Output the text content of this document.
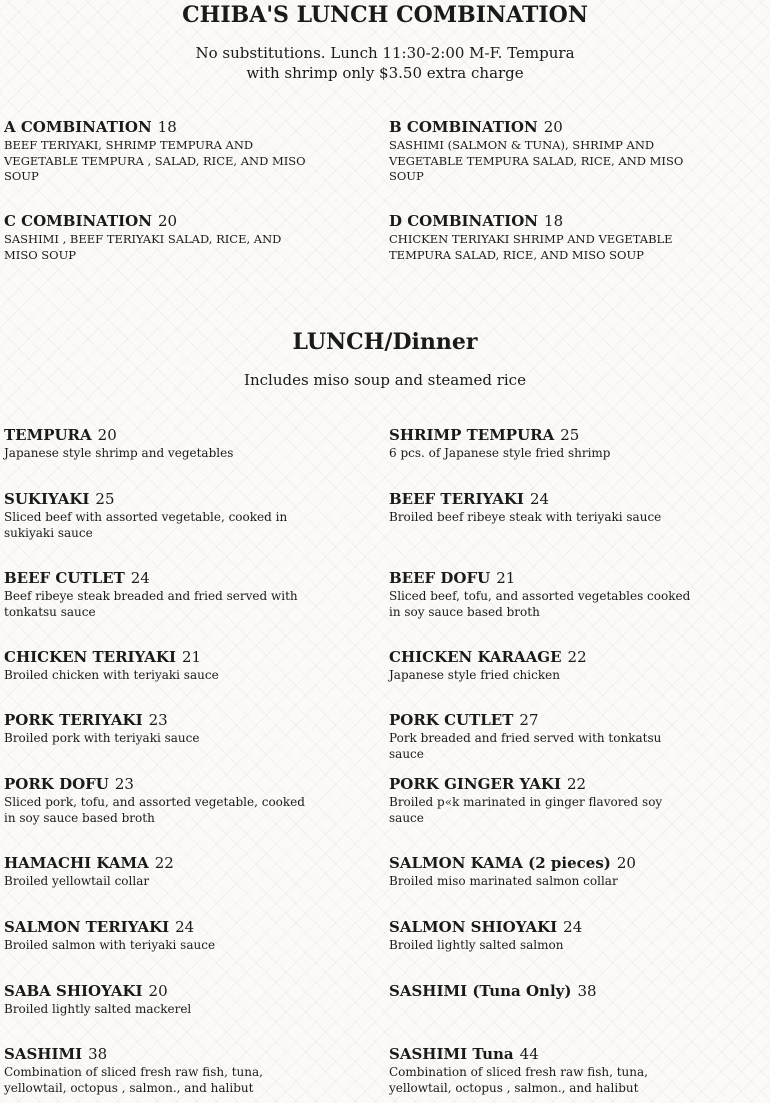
CHIBA'S LUNCH COMBINATION

No substitutions. Lunch 11:30-2:00 M-F. Tempura with shrimp only $3.50 extra charge

A COMBINATION 18
BEEF TERIYAKI, SHRIMP TEMPURA AND VEGETABLE TEMPURA , SALAD, RICE, AND MISO SOUP
B COMBINATION 20
SASHIMI (SALMON & TUNA), SHRIMP AND VEGETABLE TEMPURA SALAD, RICE, AND MISO SOUP
C COMBINATION 20
SASHIMI , BEEF TERIYAKI SALAD, RICE, AND MISO SOUP
D COMBINATION 18
CHICKEN TERIYAKI SHRIMP AND VEGETABLE TEMPURA SALAD, RICE, AND MISO SOUP
LUNCH/Dinner

Includes miso soup and steamed rice

TEMPURA 20
Japanese style shrimp and vegetables
SHRIMP TEMPURA 25
6 pcs. of Japanese style fried shrimp
SUKIYAKI 25
Sliced beef with assorted vegetable, cooked in sukiyaki sauce
BEEF TERIYAKI 24
Broiled beef ribeye steak with teriyaki sauce
BEEF CUTLET 24
Beef ribeye steak breaded and fried served with tonkatsu sauce
BEEF DOFU 21
Sliced beef, tofu, and assorted vegetables cooked in soy sauce based broth
CHICKEN TERIYAKI 21
Broiled chicken with teriyaki sauce
CHICKEN KARAAGE 22
Japanese style fried chicken
PORK TERIYAKI 23
Broiled pork with teriyaki sauce
PORK CUTLET 27
Pork breaded and fried served with tonkatsu sauce
PORK DOFU 23
Sliced pork, tofu, and assorted vegetable, cooked in soy sauce based broth
PORK GINGER YAKI 22
Broiled p«k marinated in ginger flavored soy sauce
HAMACHI KAMA 22
Broiled yellowtail collar
SALMON KAMA (2 pieces) 20
Broiled miso marinated salmon collar
SALMON TERIYAKI 24
Broiled salmon with teriyaki sauce
SALMON SHIOYAKI 24
Broiled lightly salted salmon
SABA SHIOYAKI 20
Broiled lightly salted mackerel
SASHIMI (Tuna Only) 38
SASHIMI 38
Combination of sliced fresh raw fish, tuna, yellowtail, octopus , salmon., and halibut
SASHIMI Tuna 44
Combination of sliced fresh raw fish, tuna, yellowtail, octopus , salmon., and halibut
